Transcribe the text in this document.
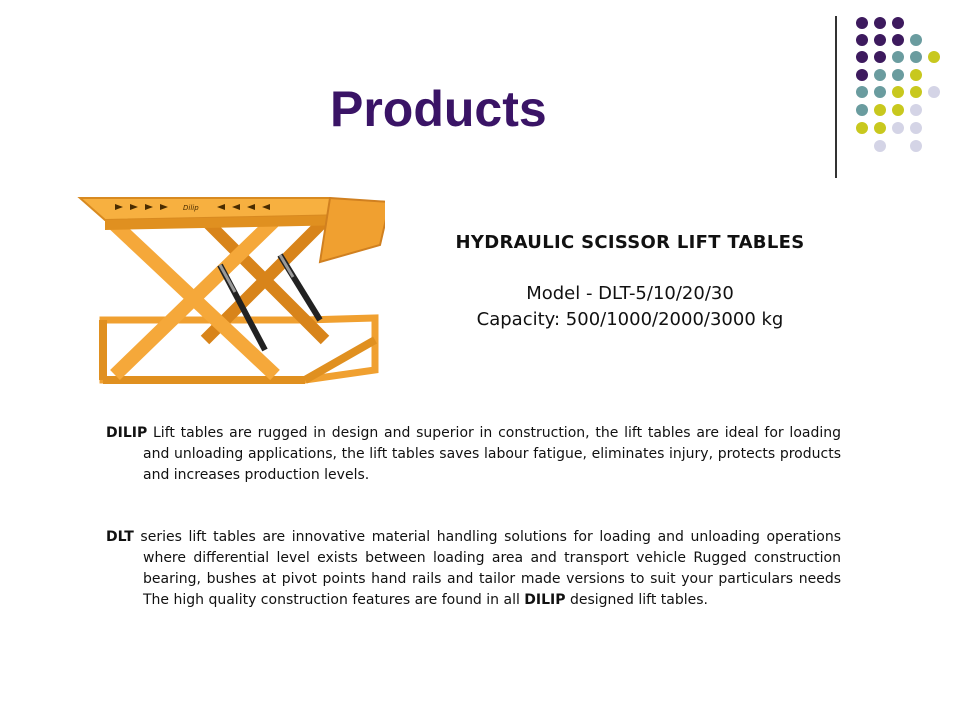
Products
Dilip
HYDRAULIC SCISSOR LIFT TABLES
Model - DLT-5/10/20/30
Capacity: 500/1000/2000/3000 kg

DILIP Lift tables are rugged in design and superior in construction, the lift tables are ideal for loading and unloading applications, the lift tables saves labour fatigue, eliminates injury, protects products and increases production levels.

DLT series lift tables are innovative material handling solutions for loading and unloading operations where differential level exists between loading area and transport vehicle Rugged construction bearing, bushes at pivot points hand rails and tailor made versions to suit your particulars needs The high quality construction features are found in all DILIP designed lift tables.
